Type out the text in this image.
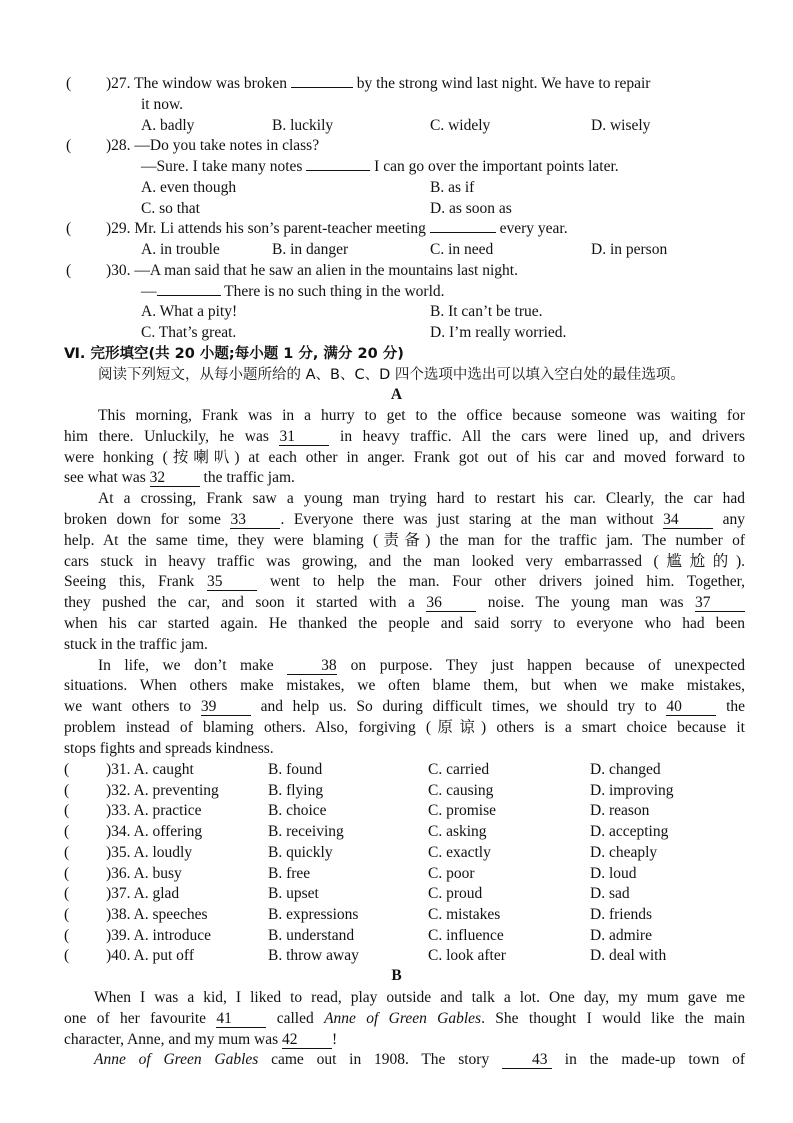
( )27. The window was broken	by the strong wind last night. We have to repair
it now.
A. badly	B. luckily	C. widely	D. wisely
( )28. —Do you take notes in class?
—Sure. I take many notes	I can go over the important points later.
A. even though	B. as if
C. so that	D. as soon as
( )29. Mr. Li attends his son’s parent-teacher meeting	every year.
A. in trouble	B. in danger	C. in need	D. in person
( )30. —A man said that he saw an alien in the mountains last night.
—	There is no such thing in the world.
A. What a pity!	B. It can’t be true.
C. That’s great.	D. I’m really worried.
Ⅵ. 完形填空(共 20 小题;每小题 1 分, 满分 20 分)
阅读下列短文，从每小题所给的 A、B、C、D 四个选项中选出可以填入空白处的最佳选项。
A
This morning, Frank was in a hurry to get to the office because someone was waiting for
him there. Unluckily, he was 31	in heavy traffic. All the cars were lined up, and drivers
were honking (按喇叭) at each other in anger. Frank got out of his car and moved forward to
see what was 32 the traffic jam.
At a crossing, Frank saw a young man trying hard to restart his car. Clearly, the car had
broken down for some 33 . Everyone there was just staring at the man without 34	any
help. At the same time, they were blaming (责备) the man for the traffic jam. The number of
cars stuck in heavy traffic was growing, and the man looked very embarrassed (尴尬的).
Seeing this, Frank 35	went to help the man. Four other drivers joined him. Together,
they pushed the car, and soon it started with a 36	noise. The young man was 37
when his car started again. He thanked the people and said sorry to everyone who had been
stuck in the traffic jam.
In life, we don’t make	38 on purpose. They just happen because of unexpected
situations. When others make mistakes, we often blame them, but when we make mistakes,
we want others to 39	and help us. So during difficult times, we should try to 40	the
problem instead of blaming others. Also, forgiving (原谅) others is a smart choice because it
stops fights and spreads kindness.
( )31. A. caught	B. found	C. carried	D. changed
( )32. A. preventing	B. flying	C. causing	D. improving
( )33. A. practice	B. choice	C. promise	D. reason
( )34. A. offering	B. receiving	C. asking	D. accepting
( )35. A. loudly	B. quickly	C. exactly	D. cheaply
( )36. A. busy	B. free	C. poor	D. loud
( )37. A. glad	B. upset	C. proud	D. sad
( )38. A. speeches	B. expressions	C. mistakes	D. friends
( )39. A. introduce	B. understand	C. influence	D. admire
( )40. A. put off	B. throw away	C. look after	D. deal with
B
When I was a kid, I liked to read, play outside and talk a lot. One day, my mum gave me
one of her favourite 41	called Anne of Green Gables. She thought I would like the main
character, Anne, and my mum was 42 !
Anne of Green Gables came out in 1908. The story	43 in the made-up town of
